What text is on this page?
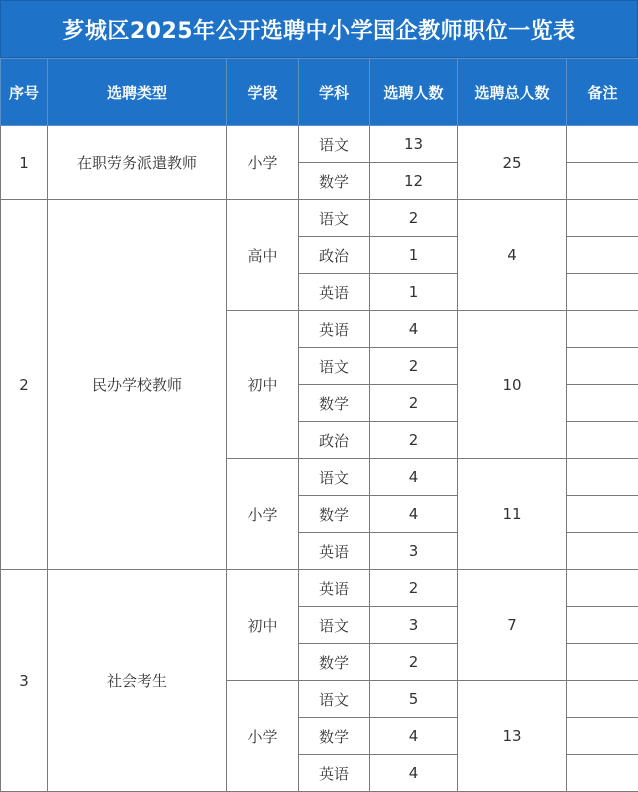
芗城区2025年公开选聘中小学国企教师职位一览表
序号	选聘类型	学段	学科	选聘人数	选聘总人数	备注
1	在职劳务派遣教师	小学	语文	13	25	
			数学	12		
2	民办学校教师	高中	语文	2	4	
			政治	1		
			英语	1		
		初中	英语	4	10	
			语文	2		
			数学	2		
			政治	2		
		小学	语文	4	11	
			数学	4		
			英语	3		
3	社会考生	初中	英语	2	7	
			语文	3		
			数学	2		
		小学	语文	5	13	
			数学	4		
			英语	4		
